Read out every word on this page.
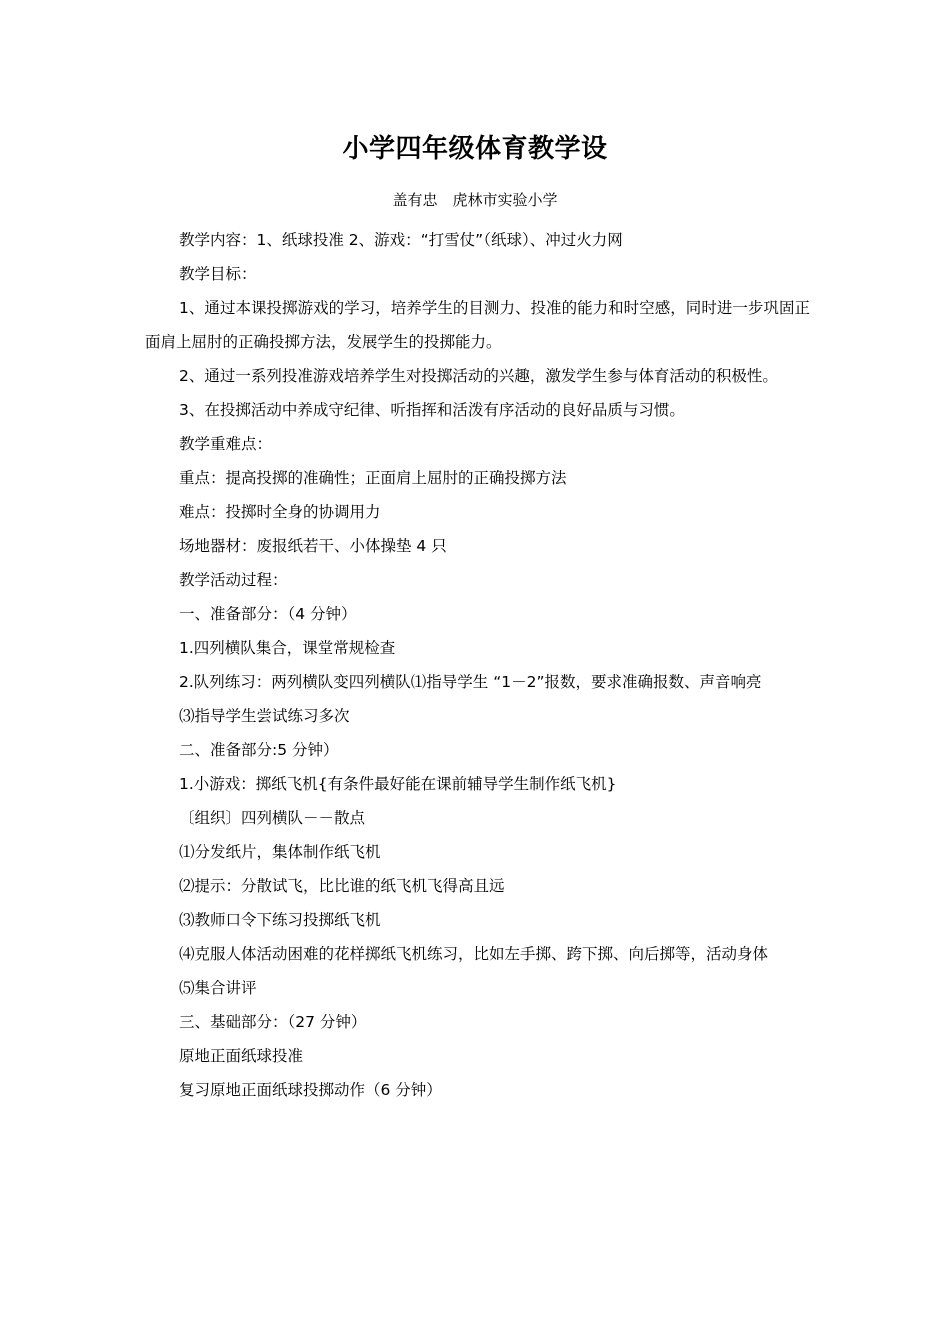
小学四年级体育教学设
盖有忠　虎林市实验小学

教学内容：1、纸球投准 2、游戏：“打雪仗”（纸球）、冲过火力网

教学目标：

1、通过本课投掷游戏的学习，培养学生的目测力、投准的能力和时空感，同时进一步巩固正面肩上屈肘的正确投掷方法，发展学生的投掷能力。

2、通过一系列投准游戏培养学生对投掷活动的兴趣，激发学生参与体育活动的积极性。

3、在投掷活动中养成守纪律、听指挥和活泼有序活动的良好品质与习惯。

教学重难点：

重点：提高投掷的准确性；正面肩上屈肘的正确投掷方法

难点：投掷时全身的协调用力

场地器材：废报纸若干、小体操垫 4 只

教学活动过程：

一、准备部分：（4 分钟）

1.四列横队集合，课堂常规检查

2.队列练习：两列横队变四列横队⑴指导学生 “1－2”报数，要求准确报数、声音响亮

⑶指导学生尝试练习多次

二、准备部分:5 分钟）

1.小游戏：掷纸飞机{有条件最好能在课前辅导学生制作纸飞机}

〔组织〕四列横队－－散点

⑴分发纸片，集体制作纸飞机

⑵提示：分散试飞，比比谁的纸飞机飞得高且远

⑶教师口令下练习投掷纸飞机

⑷克服人体活动困难的花样掷纸飞机练习，比如左手掷、跨下掷、向后掷等，活动身体

⑸集合讲评

三、基础部分：（27 分钟）

原地正面纸球投准

复习原地正面纸球投掷动作（6 分钟）
